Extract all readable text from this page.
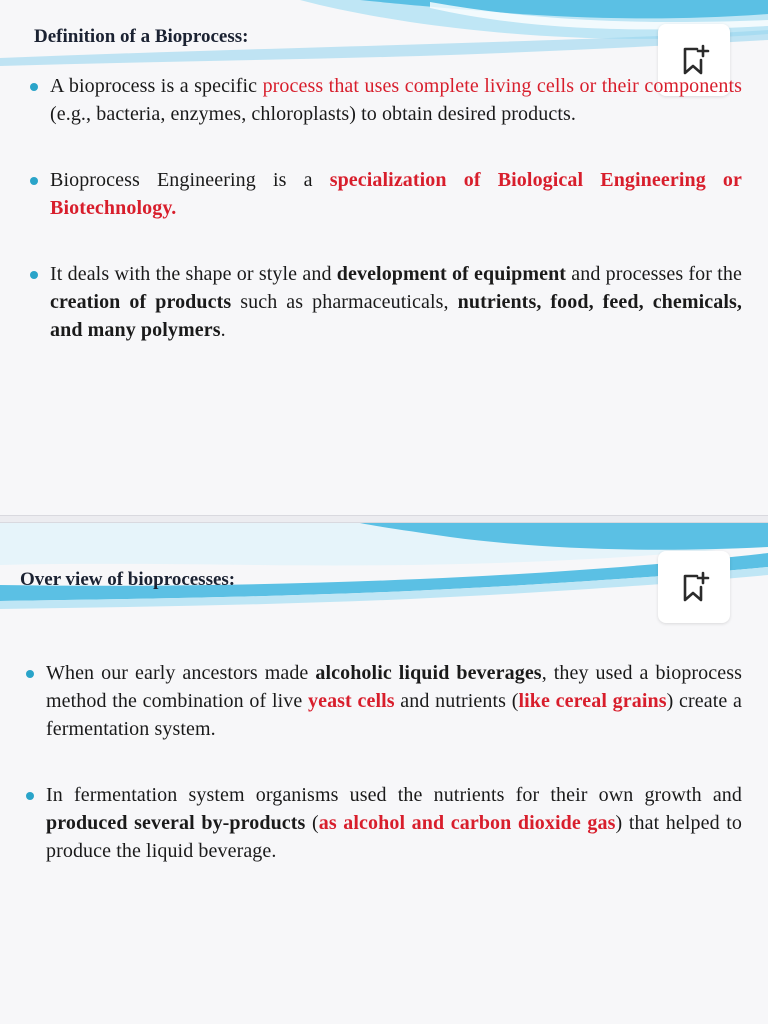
Definition of a Bioprocess:
A bioprocess is a specific process that uses complete living cells or their components (e.g., bacteria, enzymes, chloroplasts) to obtain desired products.
Bioprocess Engineering is a specialization of Biological Engineering or Biotechnology.
It deals with the shape or style and development of equipment and processes for the creation of products such as pharmaceuticals, nutrients, food, feed, chemicals, and many polymers.
Over view of bioprocesses:
When our early ancestors made alcoholic liquid beverages, they used a bioprocess method the combination of live yeast cells and nutrients (like cereal grains) create a fermentation system.
In fermentation system organisms used the nutrients for their own growth and produced several by-products (as alcohol and carbon dioxide gas) that helped to produce the liquid beverage.
